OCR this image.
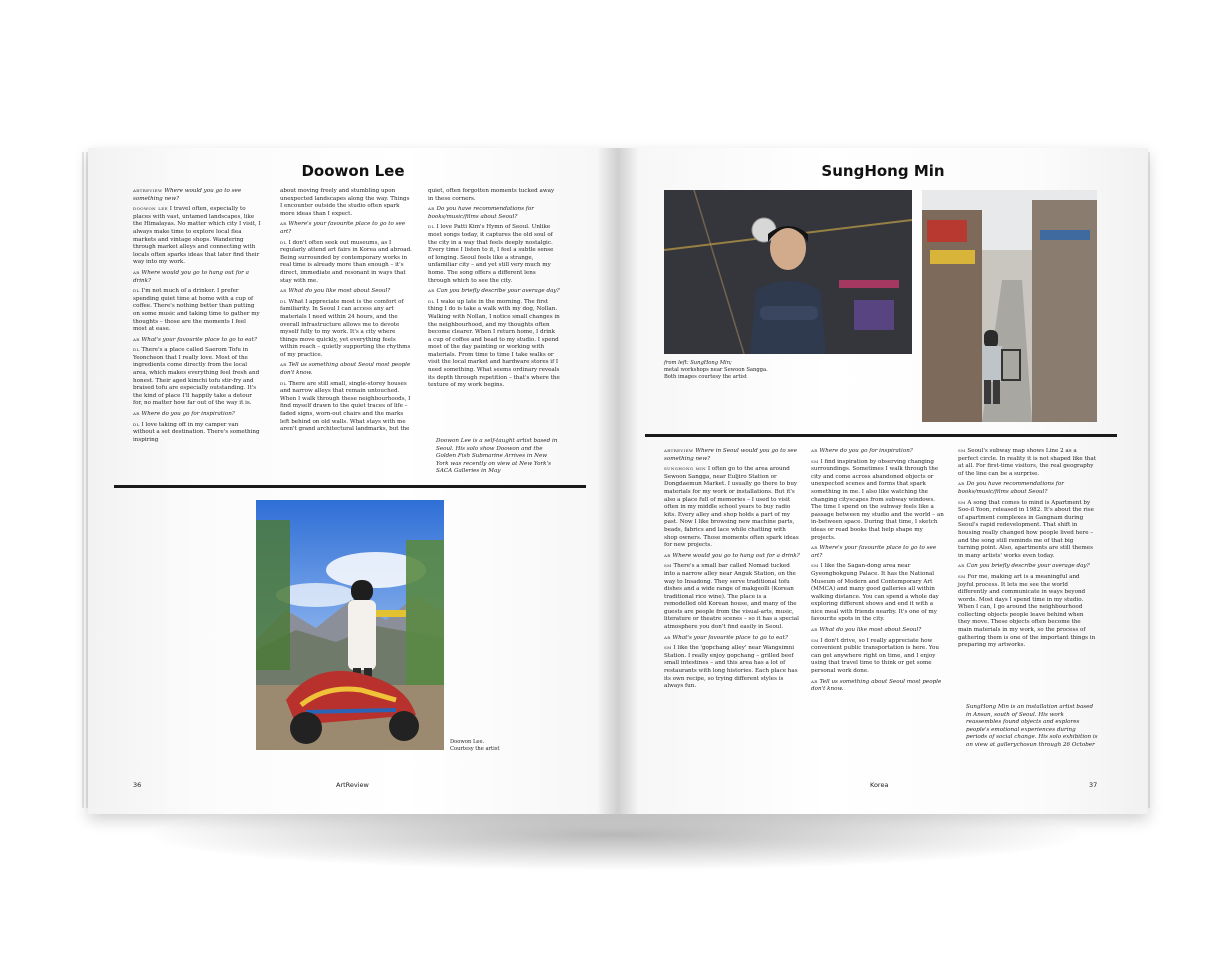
Doowon Lee

artreview Where would you go to see something new?

doowon lee I travel often, especially to places with vast, untamed landscapes, like the Himalayas. No matter which city I visit, I always make time to explore local flea markets and vintage shops. Wandering through market alleys and connecting with locals often sparks ideas that later find their way into my work.

ar Where would you go to hang out for a drink?

dl I'm not much of a drinker. I prefer spending quiet time at home with a cup of coffee. There's nothing better than putting on some music and taking time to gather my thoughts – those are the moments I feel most at ease.

ar What's your favourite place to go to eat?

dl There's a place called Saerom Tofu in Yeoncheon that I really love. Most of the ingredients come directly from the local area, which makes everything feel fresh and honest. Their aged kimchi tofu stir-fry and braised tofu are especially outstanding. It's the kind of place I'll happily take a detour for, no matter how far out of the way it is.

ar Where do you go for inspiration?

dl I love taking off in my camper van without a set destination. There's something inspiring

about moving freely and stumbling upon unexpected landscapes along the way. Things I encounter outside the studio often spark more ideas than I expect.

ar Where's your favourite place to go to see art?

dl I don't often seek out museums, as I regularly attend art fairs in Korea and abroad. Being surrounded by contemporary works in real time is already more than enough – it's direct, immediate and resonant in ways that stay with me.

ar What do you like most about Seoul?

dl What I appreciate most is the comfort of familiarity. In Seoul I can access any art materials I need within 24 hours, and the overall infrastructure allows me to devote myself fully to my work. It's a city where things move quickly, yet everything feels within reach – quietly supporting the rhythms of my practice.

ar Tell us something about Seoul most people don't know.

dl There are still small, single-storey houses and narrow alleys that remain untouched. When I walk through these neighbourhoods, I find myself drawn to the quiet traces of life – faded signs, worn-out chairs and the marks left behind on old walls. What stays with me aren't grand architectural landmarks, but the

quiet, often forgotten moments tucked away in these corners.

ar Do you have recommendations for books/music/films about Seoul?

dl I love Patti Kim's Hymn of Seoul. Unlike most songs today, it captures the old soul of the city in a way that feels deeply nostalgic. Every time I listen to it, I feel a subtle sense of longing. Seoul feels like a strange, unfamiliar city – and yet still very much my home. The song offers a different lens through which to see the city.

ar Can you briefly describe your average day?

dl I wake up late in the morning. The first thing I do is take a walk with my dog, Nollan. Walking with Nollan, I notice small changes in the neighbourhood, and my thoughts often become clearer. When I return home, I drink a cup of coffee and head to my studio. I spend most of the day painting or working with materials. From time to time I take walks or visit the local market and hardware stores if I need something. What seems ordinary reveals its depth through repetition – that's where the texture of my work begins.

Doowon Lee is a self-taught artist based in Seoul. His solo show Doowon and the Golden Fish Submarine Arrives in New York was recently on view at New York's SACA Galleries in May
Doowon Lee.
Courtesy the artist
36	ArtReview
SungHong Min
from left: SungHong Min;
metal workshops near Sewoon Sangga.
Both images courtesy the artist

artreview Where in Seoul would you go to see something new?

sunghong min I often go to the area around Sewoon Sangga, near Euljiro Station or Dongdaemun Market. I usually go there to buy materials for my work or installations. But it's also a place full of memories – I used to visit often in my middle school years to buy radio kits. Every alley and shop holds a part of my past. Now I like browsing new machine parts, beads, fabrics and lace while chatting with shop owners. Those moments often spark ideas for new projects.

ar Where would you go to hang out for a drink?

sm There's a small bar called Nomad tucked into a narrow alley near Anguk Station, on the way to Insadong. They serve traditional tofu dishes and a wide range of makgeolli (Korean traditional rice wine). The place is a remodelled old Korean house, and many of the guests are people from the visual-arts, music, literature or theatre scenes – so it has a special atmosphere you don't find easily in Seoul.

ar What's your favourite place to go to eat?

sm I like the 'gopchang alley' near Wangsimni Station. I really enjoy gopchang – grilled beef small intestines – and this area has a lot of restaurants with long histories. Each place has its own recipe, so trying different styles is always fun.

ar Where do you go for inspiration?

sm I find inspiration by observing changing surroundings. Sometimes I walk through the city and come across abandoned objects or unexpected scenes and forms that spark something in me. I also like watching the changing cityscapes from subway windows. The time I spend on the subway feels like a passage between my studio and the world – an in-between space. During that time, I sketch ideas or read books that help shape my projects.

ar Where's your favourite place to go to see art?

sm I like the Sagan-dong area near Gyeongbokgung Palace. It has the National Museum of Modern and Contemporary Art (MMCA) and many good galleries all within walking distance. You can spend a whole day exploring different shows and end it with a nice meal with friends nearby. It's one of my favourite spots in the city.

ar What do you like most about Seoul?

sm I don't drive, so I really appreciate how convenient public transportation is here. You can get anywhere right on time, and I enjoy using that travel time to think or get some personal work done.

ar Tell us something about Seoul most people don't know.

sm Seoul's subway map shows Line 2 as a perfect circle. In reality it is not shaped like that at all. For first-time visitors, the real geography of the line can be a surprise.

ar Do you have recommendations for books/music/films about Seoul?

sm A song that comes to mind is Apartment by Soo-il Yoon, released in 1982. It's about the rise of apartment complexes in Gangnam during Seoul's rapid redevelopment. That shift in housing really changed how people lived here – and the song still reminds me of that big turning point. Also, apartments are still themes in many artists' works even today.

ar Can you briefly describe your average day?

sm For me, making art is a meaningful and joyful process. It lets me see the world differently and communicate in ways beyond words. Most days I spend time in my studio. When I can, I go around the neighbourhood collecting objects people leave behind when they move. These objects often become the main materials in my work, so the process of gathering them is one of the important things in preparing my artworks.

SungHong Min is an installation artist based in Ansan, south of Seoul. His work reassembles found objects and explores people's emotional experiences during periods of social change. His solo exhibition is on view at gallerychosun through 26 October
Korea	37
